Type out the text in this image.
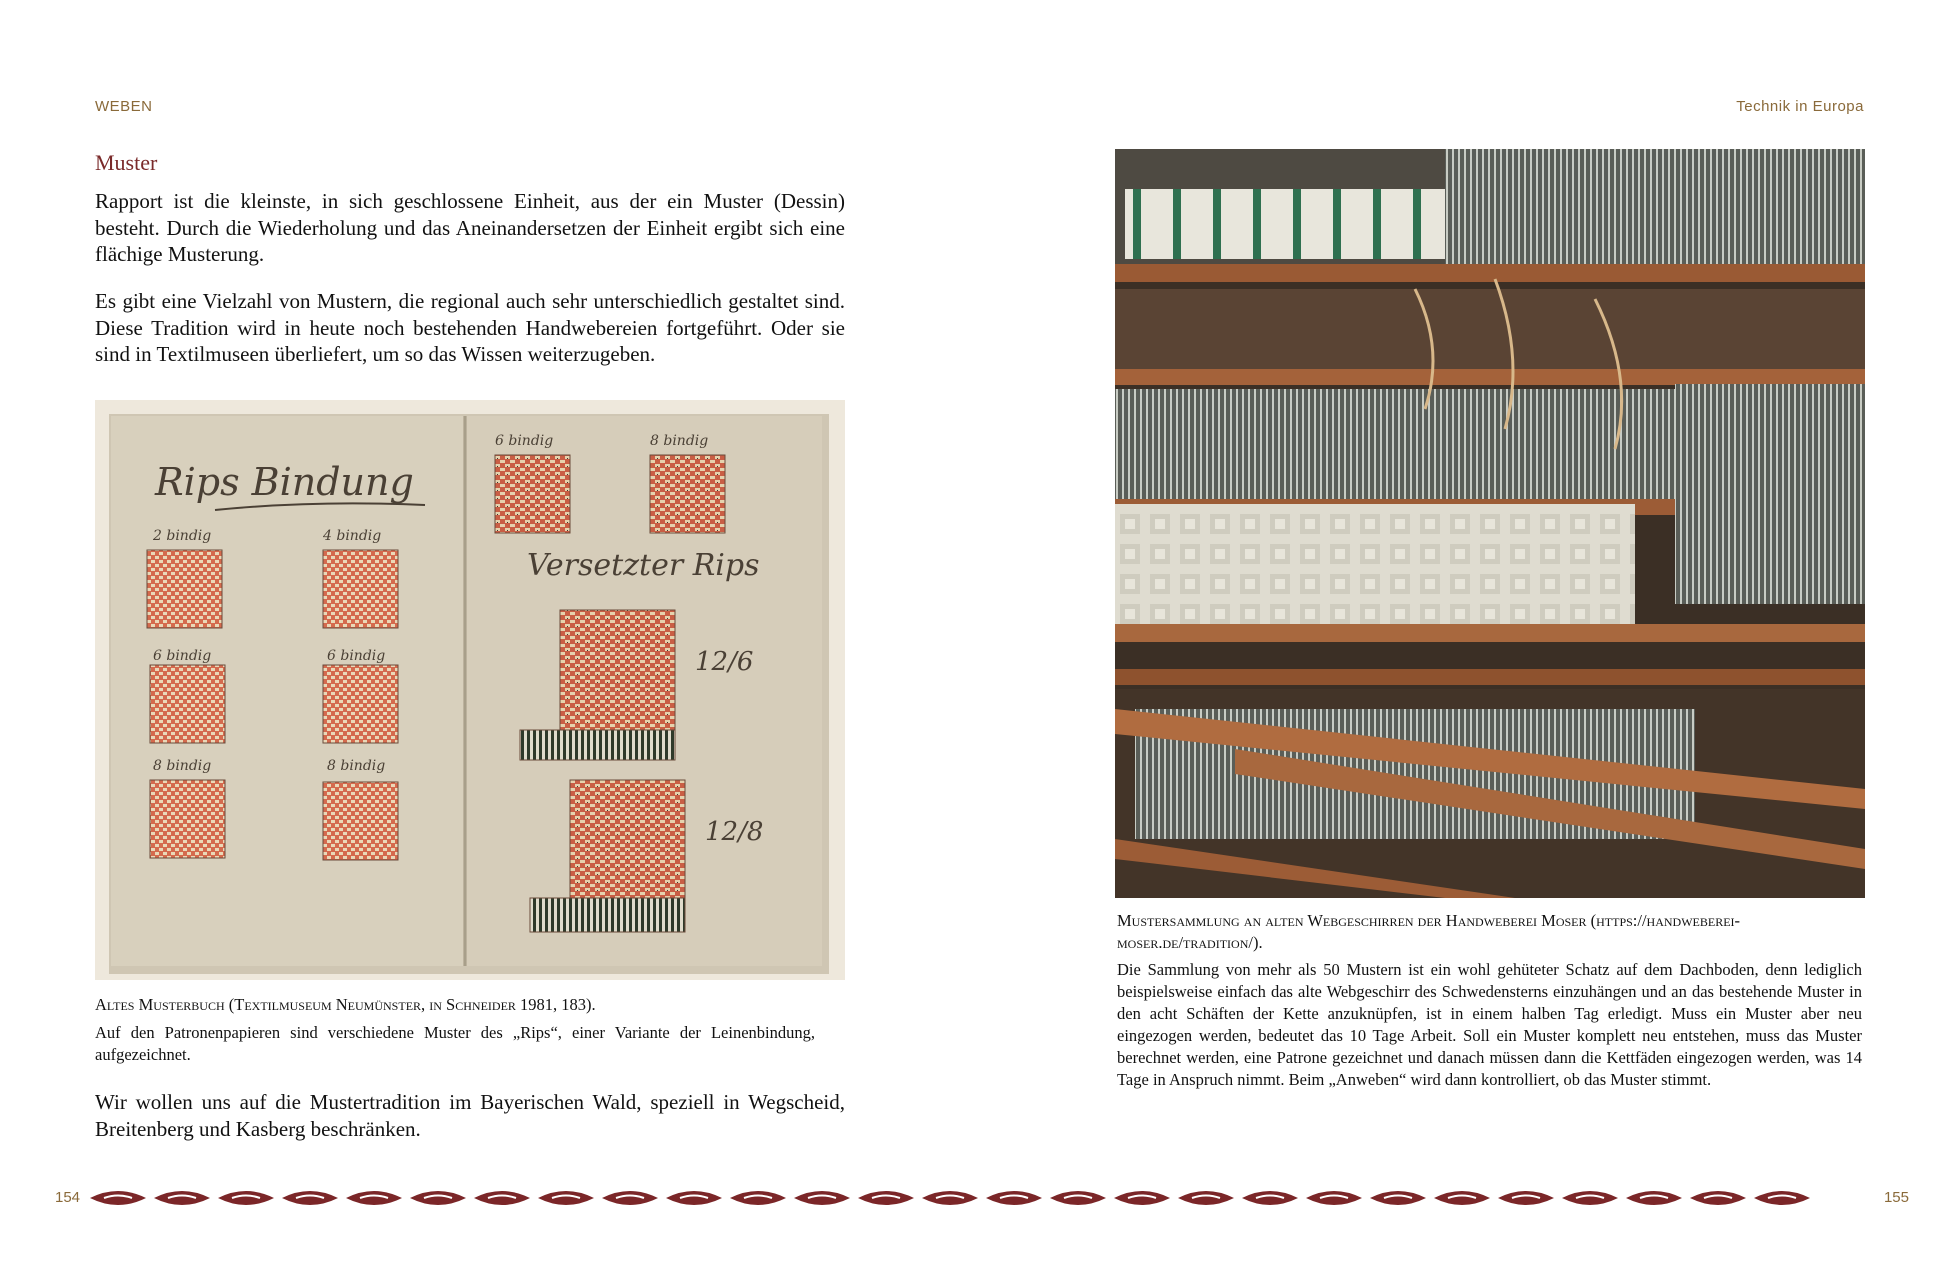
WEBEN	Technik in Europa
Muster

Rapport ist die kleinste, in sich geschlossene Einheit, aus der ein Muster (Dessin) besteht. Durch die Wiederholung und das Aneinandersetzen der Einheit ergibt sich eine flächige Musterung.

Es gibt eine Vielzahl von Mustern, die regional auch sehr unterschiedlich gestaltet sind. Diese Tradition wird in heute noch bestehenden Handwebereien fortgeführt. Oder sie sind in Textilmuseen überliefert, um so das Wissen weiterzugeben.

Rips Bindung
2 bindig	4 bindig
6 bindig	6 bindig
8 bindig	8 bindig
6 bindig	8 bindig
Versetzter Rips
12/6
12/8

Altes Musterbuch (Textilmuseum Neumünster, in Schneider 1981, 183).

Auf den Patronenpapieren sind verschiedene Muster des „Rips“, einer Variante der Leinenbindung, aufgezeichnet.

Wir wollen uns auf die Mustertradition im Bayerischen Wald, speziell in Wegscheid, Breitenberg und Kasberg beschränken.

Mustersammlung an alten Webgeschirren der Handweberei Moser (https://handweberei-moser.de/tradition/).

Die Sammlung von mehr als 50 Mustern ist ein wohl gehüteter Schatz auf dem Dachboden, denn lediglich beispielsweise einfach das alte Webgeschirr des Schwedensterns einzuhängen und an das bestehende Muster in den acht Schäften der Kette anzuknüpfen, ist in einem halben Tag erledigt. Muss ein Muster aber neu eingezogen werden, bedeutet das 10 Tage Arbeit. Soll ein Muster komplett neu entstehen, muss das Muster berechnet werden, eine Patrone gezeichnet und danach müssen dann die Kettfäden eingezogen werden, was 14 Tage in Anspruch nimmt. Beim „Anweben“ wird dann kontrolliert, ob das Muster stimmt.

154	155
